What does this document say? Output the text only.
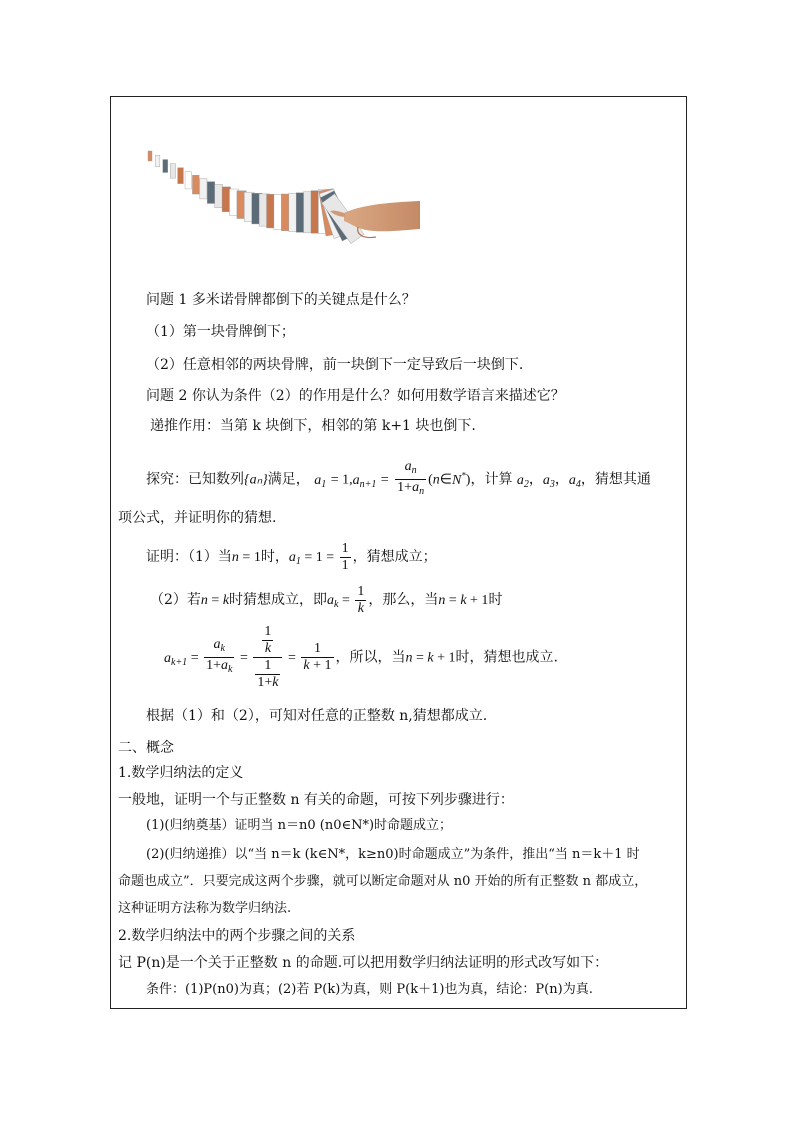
问题 1 多米诺骨牌都倒下的关键点是什么？
（1）第一块骨牌倒下；
（2）任意相邻的两块骨牌，前一块倒下一定导致后一块倒下.
问题 2 你认为条件（2）的作用是什么？如何用数学语言来描述它？
递推作用：当第 k 块倒下，相邻的第 k+1 块也倒下.
探究：已知数列{aₙ}满足， $a_1 = 1,a_{n+1} = \frac{a_n}{1+a_n}$ (n∈N*)，计算 $a_2$，$a_3$，$a_4$，猜想其通
项公式，并证明你的猜想.
证明：（1）当n = 1时，$a_1 = 1 = \frac{1}{1}$ ，猜想成立；
（2）若n = k时猜想成立，即$a_k = \frac{1}{k}$ ，那么，当n = k + 1时
$a_{k+1} = \frac{a_k}{1+a_k} = \frac{\frac{1}{k}}{\frac{1}{1+k}} = \frac{1}{k + 1}$ ，所以，当n = k + 1时，猜想也成立.
根据（1）和（2），可知对任意的正整数 n,猜想都成立.
二、概念
1.数学归纳法的定义
一般地，证明一个与正整数 n 有关的命题，可按下列步骤进行：
(1)(归纳奠基）证明当 n＝n0 (n0∈N*)时命题成立；
(2)(归纳递推）以“当 n＝k (k∈N*，k≥n0)时命题成立”为条件，推出“当 n＝k＋1 时
命题也成立”．只要完成这两个步骤，就可以断定命题对从 n0 开始的所有正整数 n 都成立，
这种证明方法称为数学归纳法.
2.数学归纳法中的两个步骤之间的关系
记 P(n)是一个关于正整数 n 的命题.可以把用数学归纳法证明的形式改写如下：
条件：(1)P(n0)为真；(2)若 P(k)为真，则 P(k＋1)也为真，结论：P(n)为真.
